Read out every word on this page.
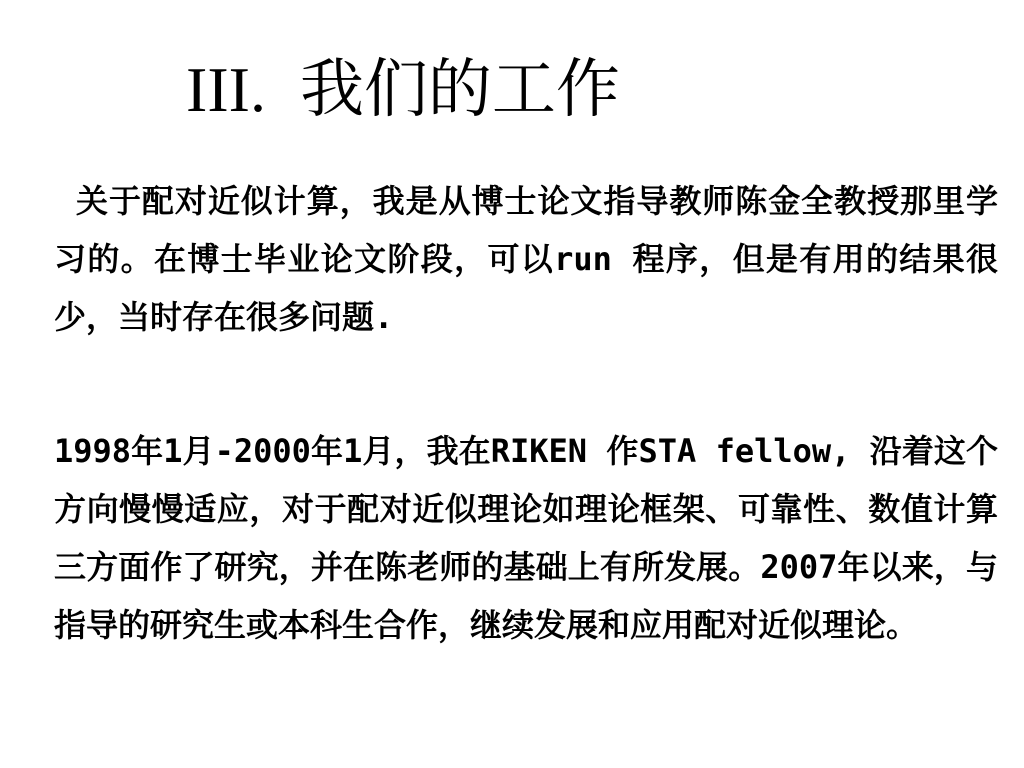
III. 我们的工作

关于配对近似计算，我是从博士论文指导教师陈金全教授那里学习的。在博士毕业论文阶段，可以run 程序，但是有用的结果很少，当时存在很多问题.

1998年1月-2000年1月，我在RIKEN 作STA fellow, 沿着这个方向慢慢适应，对于配对近似理论如理论框架、可靠性、数值计算三方面作了研究，并在陈老师的基础上有所发展。2007年以来，与指导的研究生或本科生合作，继续发展和应用配对近似理论。
